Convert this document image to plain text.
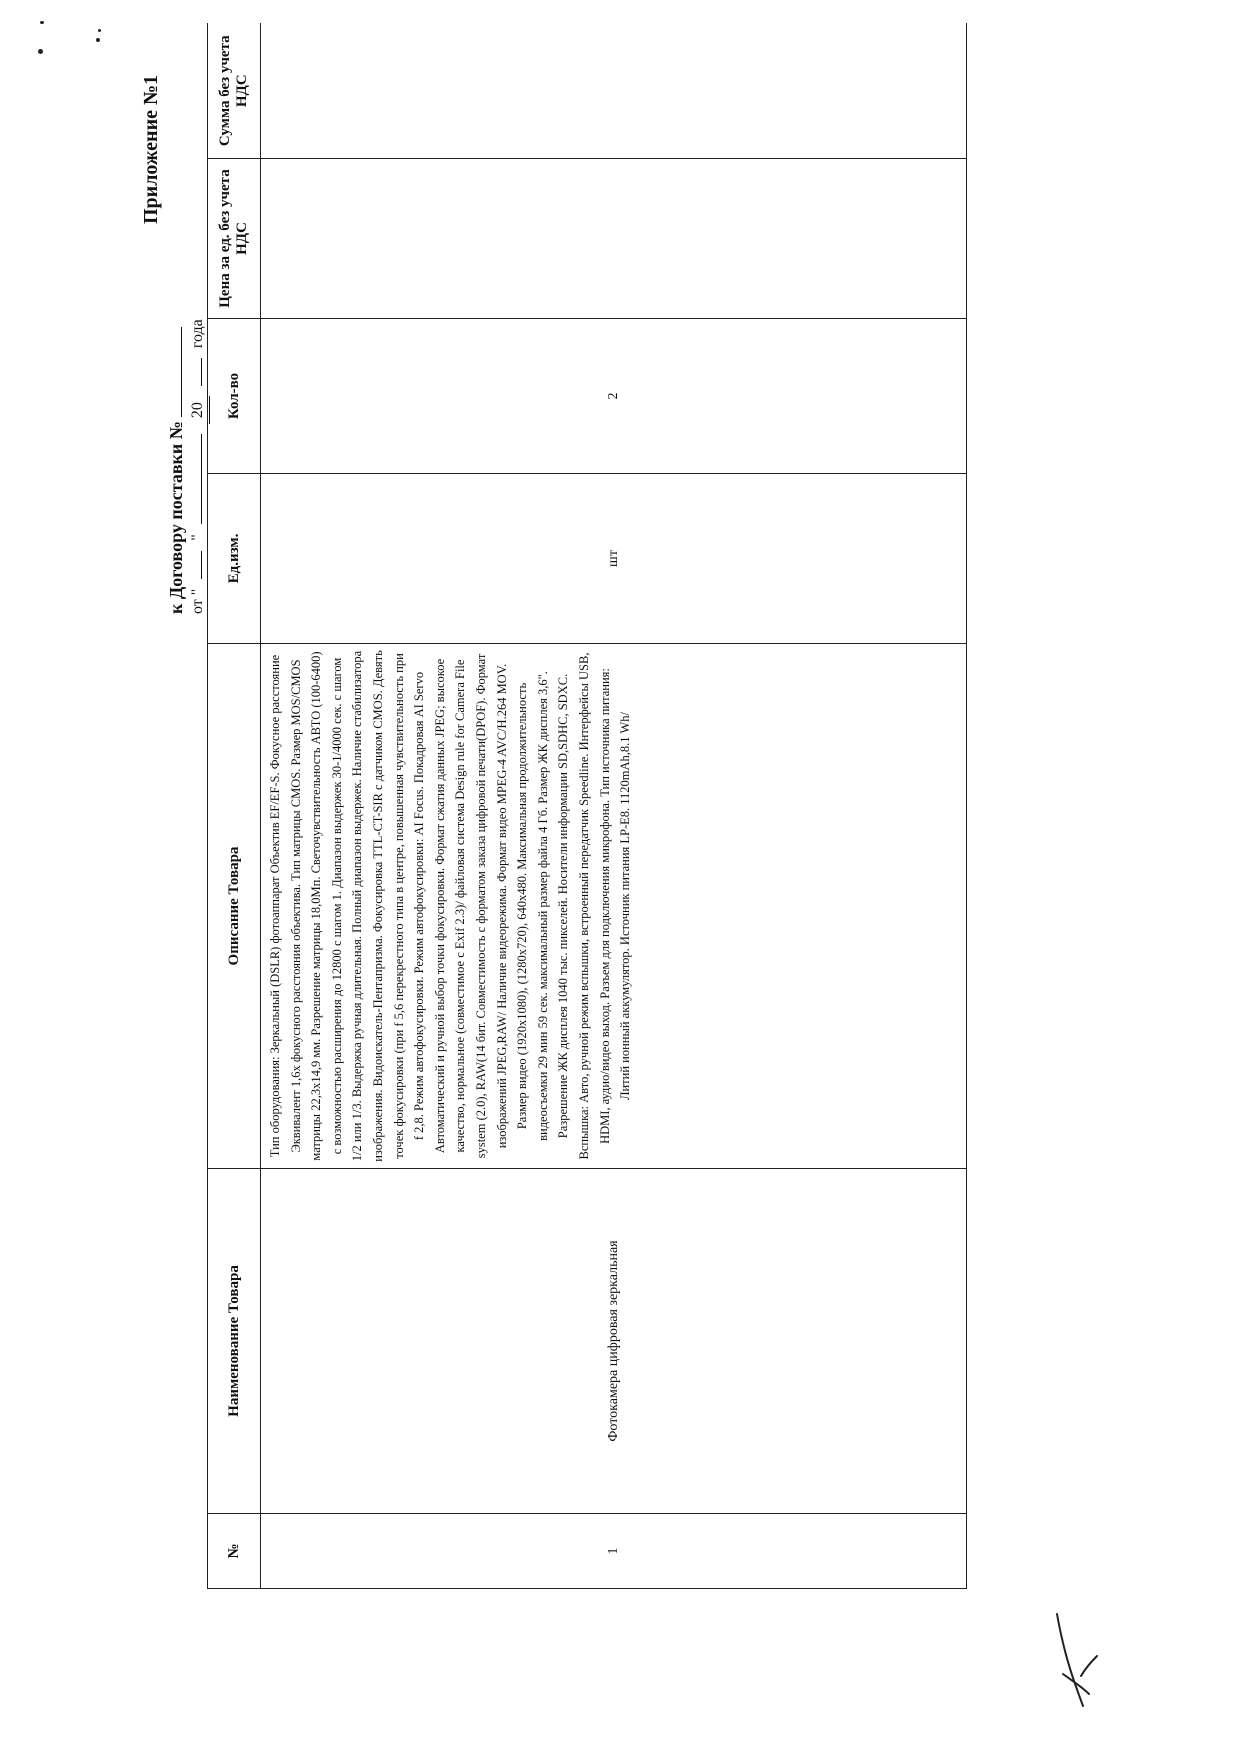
Приложение №1
к Договору поставки № от "  "  20  года
№	Наименование Товара	Описание Товара	Ед.изм.	Кол-во	Цена за ед. без учета НДС	Сумма без учета НДС
1	Фотокамера цифровая зеркальная	Тип оборудования: Зеркальный (DSLR) фотоаппарат Объектив EF/EF-S. Фокусное расстояние Эквивалент 1,6х фокусного расстояния объектива. Тип матрицы CMOS. Размер MOS/CMOS матрицы 22,3х14,9 мм. Разрешение матрицы 18,0Мп. Светочувствительность АВТО (100-6400) с возможностью расширения до 12800 с шагом 1. Диапазон выдержек 30-1/4000 сек. с шагом 1/2 или 1/3. Выдержка ручная длительная. Полный диапазон выдержек. Наличие стабилизатора изображения. Видоискатель-Пентапризма. Фокусировка TTL-CT-SIR с датчиком CMOS. Девять точек фокусировки (при f 5,6 перекрестного типа в центре, повышенная чувствительность при f 2,8. Режим автофокусировки. Режим автофокусировки: AI Focus. Покадровая AI Servo Автоматический и ручной выбор точки фокусировки. Формат сжатия данных JPEG; высокое качество, нормальное (совместимое с Exif 2.3)/ файловая система Design rule for Camera File system (2.0), RAW(14 бит. Совместимость с форматом заказа цифровой печати(DPOF). Формат изображений JPEG,RAW/ Наличие видеорежима. Формат видео MPEG-4 AVC/Н.264 MOV. Размер видео (1920х1080), (1280х720), 640х480. Максимальная продолжительность видеосъемки 29 мин 59 сек. максимальный размер файла 4 Гб. Размер ЖК дисплея 3,6". Разрешение ЖК дисплея 1040 тыс. пикселей. Носители информации SD,SDHC, SDXC. Вспышка: Авто, ручной режим вспышки, встроенный передатчик Speedline. Интерфейсы USB, HDMI, аудио/видео выход. Разъем для подключения микрофона. Тип источника питания: Литий ионный аккумулятор. Источник питания LP-E8. 1120mAh,8.1 Wh/	шт	2		
